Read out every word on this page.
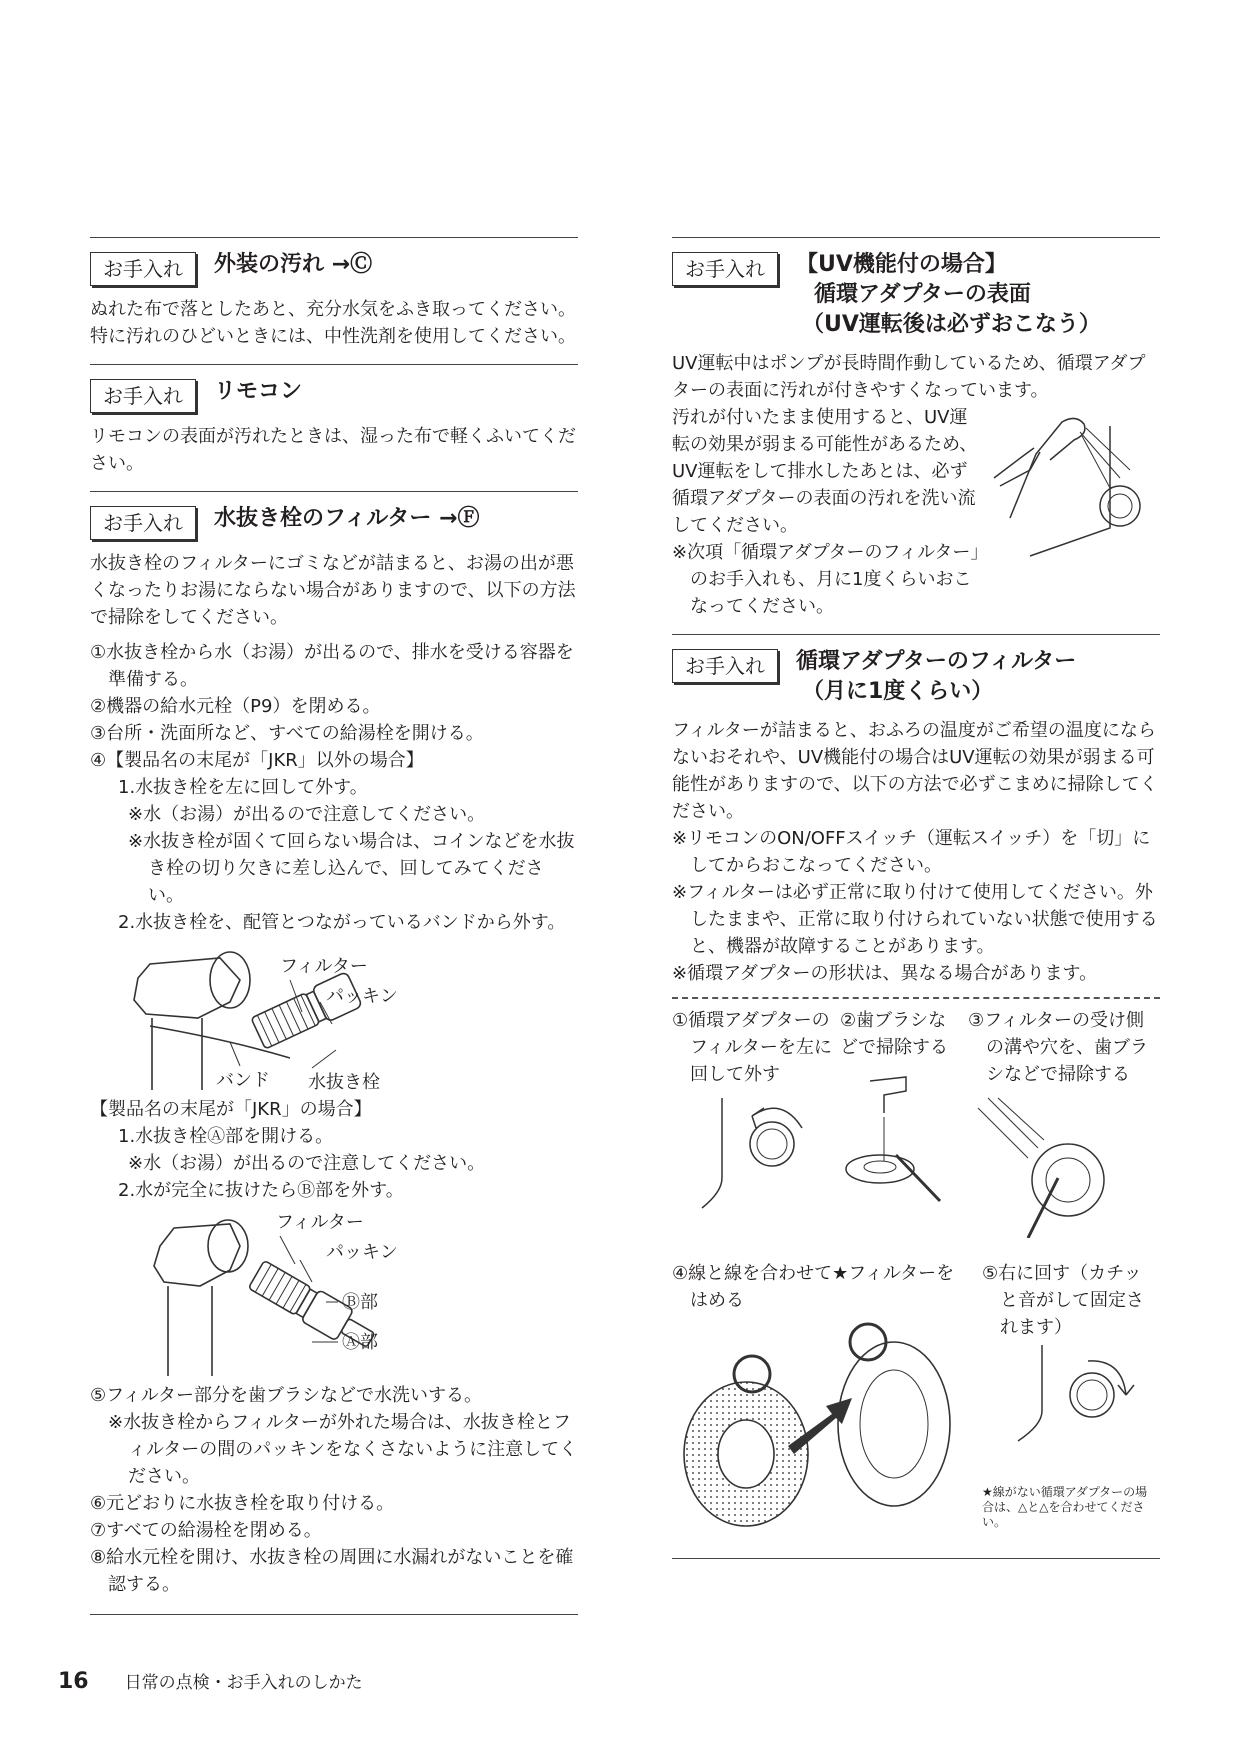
お手入れ	外装の汚れ →Ⓒ

ぬれた布で落としたあと、充分水気をふき取ってください。

特に汚れのひどいときには、中性洗剤を使用してください。

お手入れ	リモコン

リモコンの表面が汚れたときは、湿った布で軽くふいてください。

お手入れ	水抜き栓のフィルター →Ⓕ

水抜き栓のフィルターにゴミなどが詰まると、お湯の出が悪くなったりお湯にならない場合がありますので、以下の方法で掃除をしてください。

①水抜き栓から水（お湯）が出るので、排水を受ける容器を準備する。

②機器の給水元栓（P9）を閉める。

③台所・洗面所など、すべての給湯栓を開ける。

④【製品名の末尾が「JKR」以外の場合】

1.水抜き栓を左に回して外す。

※水（お湯）が出るので注意してください。

※水抜き栓が固くて回らない場合は、コインなどを水抜き栓の切り欠きに差し込んで、回してみてください。

2.水抜き栓を、配管とつながっているバンドから外す。

フィルター
パッキン
バンド 水抜き栓

【製品名の末尾が「JKR」の場合】

1.水抜き栓Ⓐ部を開ける。

※水（お湯）が出るので注意してください。

2.水が完全に抜けたらⒷ部を外す。

フィルター
パッキン
Ⓑ部
Ⓐ部

⑤フィルター部分を歯ブラシなどで水洗いする。

※水抜き栓からフィルターが外れた場合は、水抜き栓とフィルターの間のパッキンをなくさないように注意してください。

⑥元どおりに水抜き栓を取り付ける。

⑦すべての給湯栓を閉める。

⑧給水元栓を開け、水抜き栓の周囲に水漏れがないことを確認する。

お手入れ	【UV機能付の場合】
循環アダプターの表面
（UV運転後は必ずおこなう）

UV運転中はポンプが長時間作動しているため、循環アダプターの表面に汚れが付きやすくなっています。

汚れが付いたまま使用すると、UV運転の効果が弱まる可能性があるため、UV運転をして排水したあとは、必ず循環アダプターの表面の汚れを洗い流してください。

※次項「循環アダプターのフィルター」のお手入れも、月に1度くらいおこなってください。

お手入れ	循環アダプターのフィルター
（月に1度くらい）

フィルターが詰まると、おふろの温度がご希望の温度にならないおそれや、UV機能付の場合はUV運転の効果が弱まる可能性がありますので、以下の方法で必ずこまめに掃除してください。

※リモコンのON/OFFスイッチ（運転スイッチ）を「切」にしてからおこなってください。

※フィルターは必ず正常に取り付けて使用してください。外したままや、正常に取り付けられていない状態で使用すると、機器が故障することがあります。

※循環アダプターの形状は、異なる場合があります。

①循環アダプターのフィルターを左に回して外す
②歯ブラシなどで掃除する
③フィルターの受け側の溝や穴を、歯ブラシなどで掃除する
④線と線を合わせて★フィルターをはめる
⑤右に回す（カチッと音がして固定されます）
★線がない循環アダプターの場合は、△と△を合わせてください。
16 日常の点検・お手入れのしかた
